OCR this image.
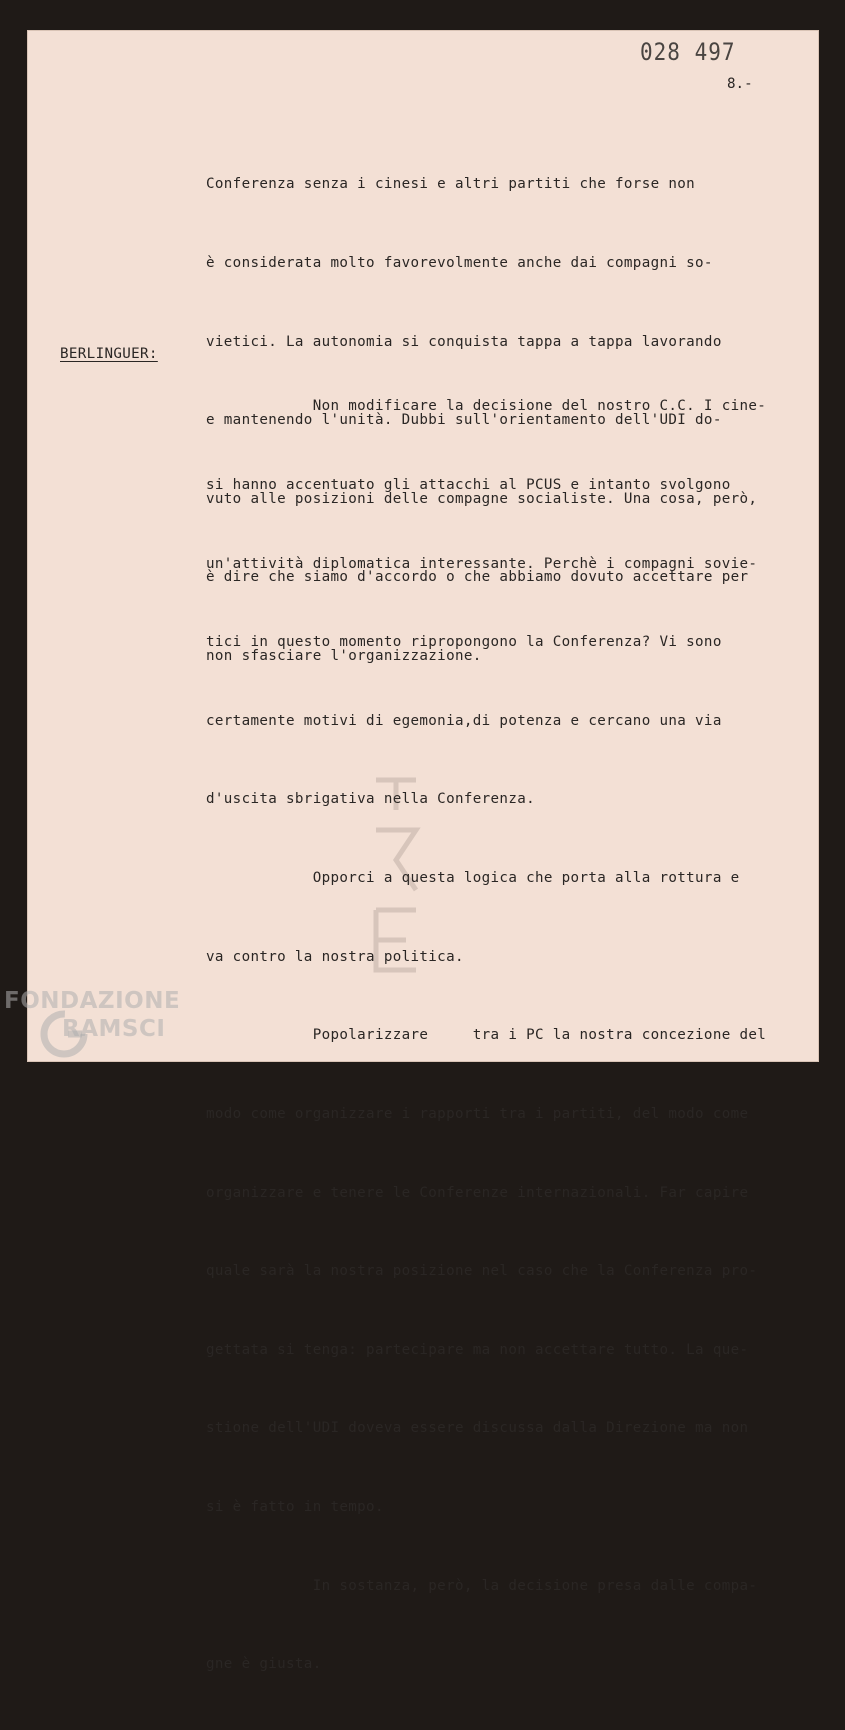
028 497
8.-

Conferenza senza i cinesi e altri partiti che forse non

è considerata molto favorevolmente anche dai compagni so-

vietici. La autonomia si conquista tappa a tappa lavorando

e mantenendo l'unità. Dubbi sull'orientamento dell'UDI do-

vuto alle posizioni delle compagne socialiste. Una cosa, però,

è dire che siamo d'accordo o che abbiamo dovuto accettare per

non sfasciare l'organizzazione.

BERLINGUER:

Non modificare la decisione del nostro C.C. I cine-

si hanno accentuato gli attacchi al PCUS e intanto svolgono

un'attività diplomatica interessante. Perchè i compagni sovie-

tici in questo momento ripropongono la Conferenza? Vi sono

certamente motivi di egemonia,di potenza e cercano una via

d'uscita sbrigativa nella Conferenza.

Opporci a questa logica che porta alla rottura e

va contro la nostra politica.

Popolarizzare     tra i PC la nostra concezione del

modo come organizzare i rapporti tra i partiti, del modo come

organizzare e tenere le Conferenze internazionali. Far capire

quale sarà la nostra posizione nel caso che la Conferenza pro-

gettata si tenga: partecipare ma non accettare tutto. La que-

stione dell'UDI doveva essere discussa dalla Direzione ma non

si è fatto in tempo.

In sostanza, però, la decisione presa dalle compa-

gne è giusta.

FONDAZIONE
RAMSCI
